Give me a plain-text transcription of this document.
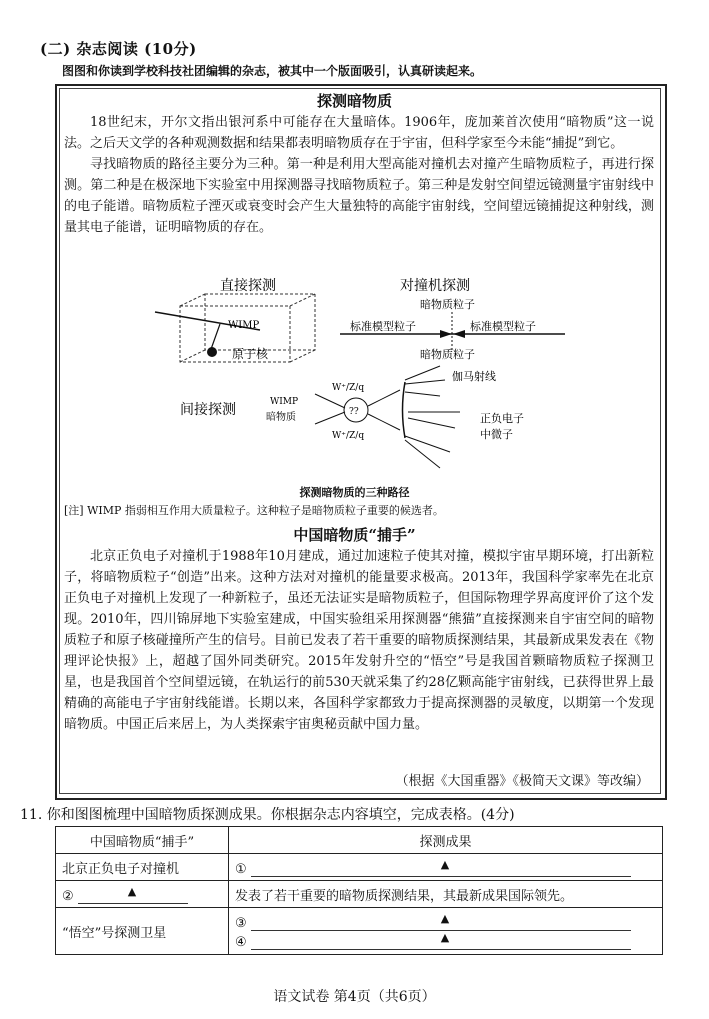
(二) 杂志阅读 (10分)
图图和你读到学校科技社团编辑的杂志，被其中一个版面吸引，认真研读起来。
探测暗物质

18世纪末，开尔文指出银河系中可能存在大量暗体。1906年，庞加莱首次使用“暗物质”这一说法。之后天文学的各种观测数据和结果都表明暗物质存在于宇宙，但科学家至今未能“捕捉”到它。

寻找暗物质的路径主要分为三种。第一种是利用大型高能对撞机去对撞产生暗物质粒子，再进行探测。第二种是在极深地下实验室中用探测器寻找暗物质粒子。第三种是发射空间望远镜测量宇宙射线中的电子能谱。暗物质粒子湮灭或衰变时会产生大量独特的高能宇宙射线，空间望远镜捕捉这种射线，测量其电子能谱，证明暗物质的存在。

直接探测
WIMP
原子核
对撞机探测
暗物质粒子
暗物质粒子
标准模型粒子	标准模型粒子
间接探测	WIMP
暗物质	??
W⁺/Z/q
W⁺/Z/q
伽马射线
正负电子
中微子
探测暗物质的三种路径
[注] WIMP 指弱相互作用大质量粒子。这种粒子是暗物质粒子重要的候选者。
中国暗物质“捕手”

北京正负电子对撞机于1988年10月建成，通过加速粒子使其对撞，模拟宇宙早期环境，打出新粒子，将暗物质粒子“创造”出来。这种方法对对撞机的能量要求极高。2013年，我国科学家率先在北京正负电子对撞机上发现了一种新粒子，虽还无法证实是暗物质粒子，但国际物理学界高度评价了这个发现。2010年，四川锦屏地下实验室建成，中国实验组采用探测器“熊猫”直接探测来自宇宙空间的暗物质粒子和原子核碰撞所产生的信号。目前已发表了若干重要的暗物质探测结果，其最新成果发表在《物理评论快报》上，超越了国外同类研究。2015年发射升空的“悟空”号是我国首颗暗物质粒子探测卫星，也是我国首个空间望远镜，在轨运行的前530天就采集了约28亿颗高能宇宙射线，已获得世界上最精确的高能电子宇宙射线能谱。长期以来，各国科学家都致力于提高探测器的灵敏度，以期第一个发现暗物质。中国正后来居上，为人类探索宇宙奥秘贡献中国力量。

（根据《大国重器》《极简天文课》等改编）
11. 你和图图梳理中国暗物质探测成果。你根据杂志内容填空，完成表格。(4分)
中国暗物质“捕手”	探测成果
北京正负电子对撞机	① ▲

② ▲	发表了若干重要的暗物质探测结果，其最新成果国际领先。
“悟空”号探测卫星	③ ▲
④ ▲
语文试卷 第4页（共6页）
